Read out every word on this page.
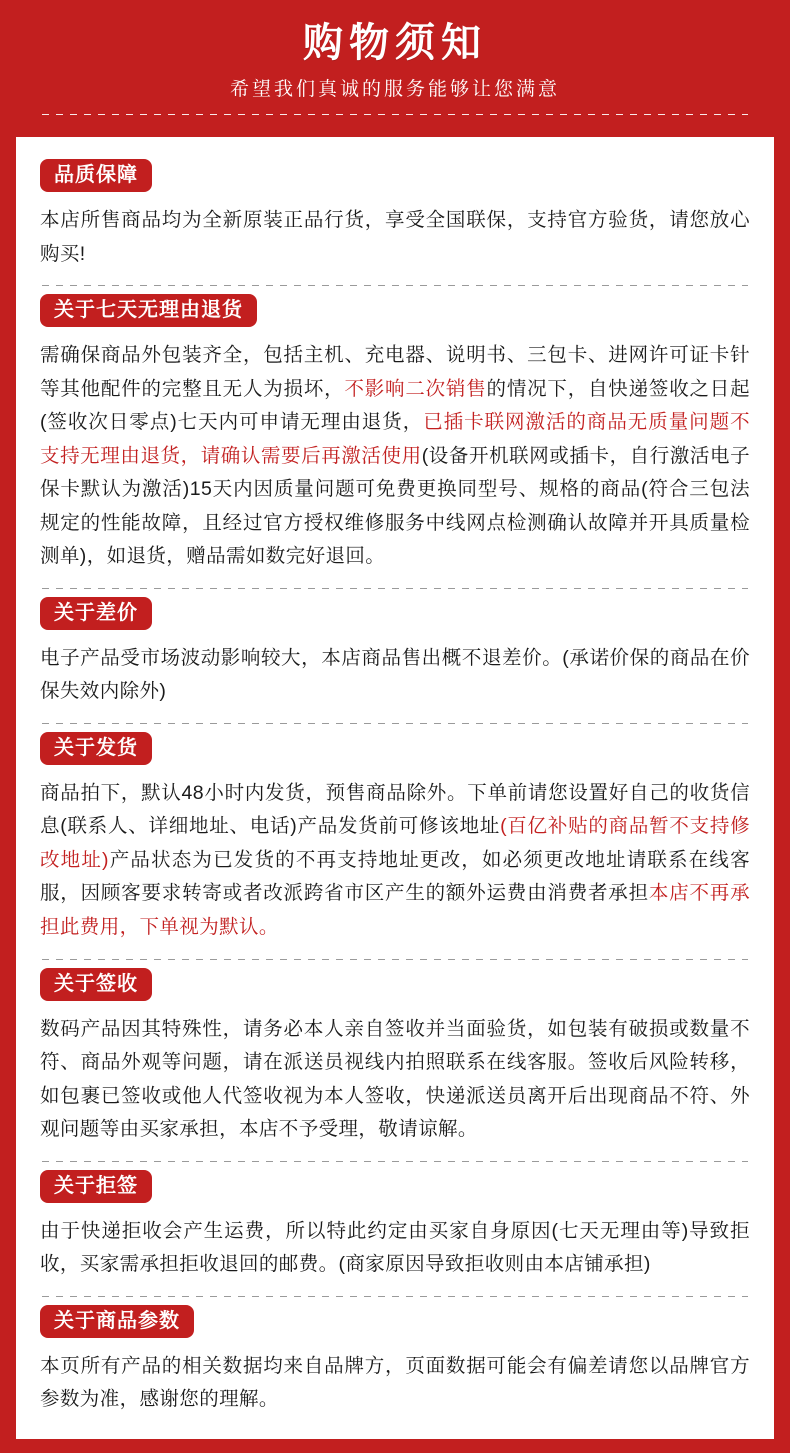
购物须知
希望我们真诚的服务能够让您满意
品质保障

本店所售商品均为全新原装正品行货，享受全国联保，支持官方验货，请您放心购买!

关于七天无理由退货

需确保商品外包装齐全，包括主机、充电器、说明书、三包卡、进网许可证卡针等其他配件的完整且无人为损坏，不影响二次销售的情况下，自快递签收之日起(签收次日零点)七天内可申请无理由退货，已插卡联网激活的商品无质量问题不支持无理由退货，请确认需要后再激活使用(设备开机联网或插卡，自行激活电子保卡默认为激活)15天内因质量问题可免费更换同型号、规格的商品(符合三包法规定的性能故障，且经过官方授权维修服务中线网点检测确认故障并开具质量检测单)，如退货，赠品需如数完好退回。

关于差价

电子产品受市场波动影响较大，本店商品售出概不退差价。(承诺价保的商品在价保失效内除外)

关于发货

商品拍下，默认48小时内发货，预售商品除外。下单前请您设置好自己的收货信息(联系人、详细地址、电话)产品发货前可修该地址(百亿补贴的商品暂不支持修改地址)产品状态为已发货的不再支持地址更改，如必须更改地址请联系在线客服，因顾客要求转寄或者改派跨省市区产生的额外运费由消费者承担本店不再承担此费用，下单视为默认。

关于签收

数码产品因其特殊性，请务必本人亲自签收并当面验货，如包装有破损或数量不符、商品外观等问题，请在派送员视线内拍照联系在线客服。签收后风险转移，如包裹已签收或他人代签收视为本人签收，快递派送员离开后出现商品不符、外观问题等由买家承担，本店不予受理，敬请谅解。

关于拒签

由于快递拒收会产生运费，所以特此约定由买家自身原因(七天无理由等)导致拒收，买家需承担拒收退回的邮费。(商家原因导致拒收则由本店铺承担)

关于商品参数

本页所有产品的相关数据均来自品牌方，页面数据可能会有偏差请您以品牌官方参数为准，感谢您的理解。
